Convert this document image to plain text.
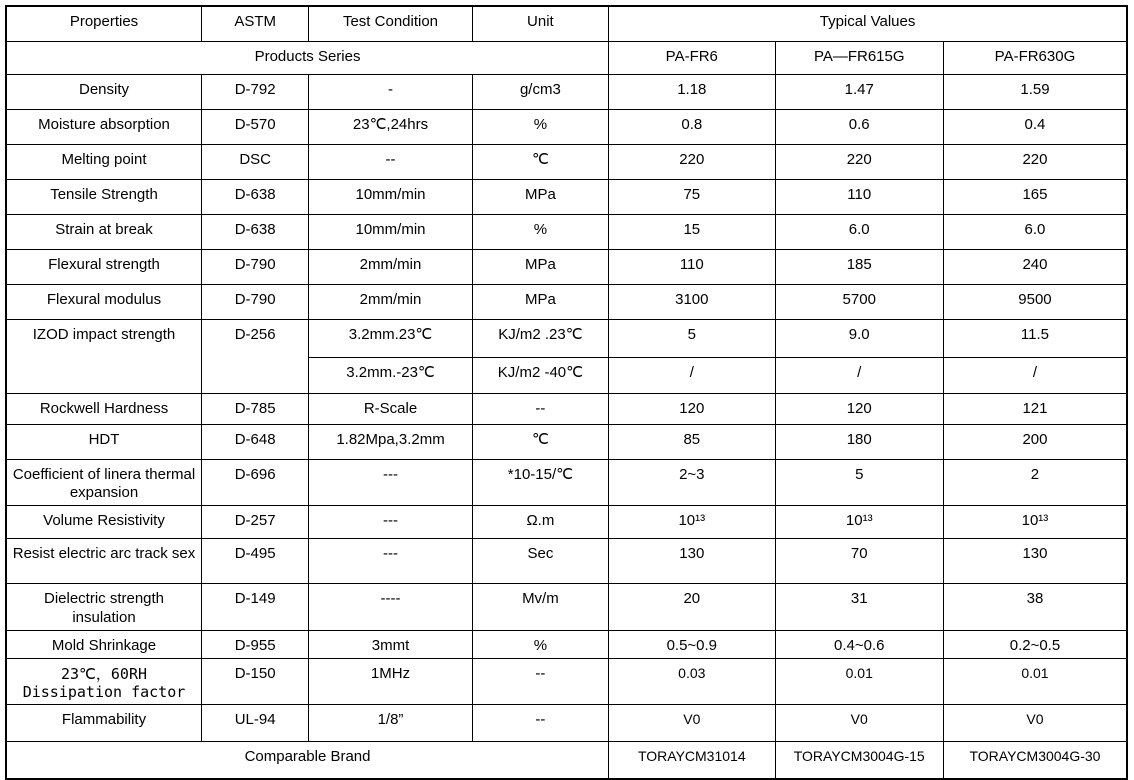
Properties	ASTM	Test Condition	Unit	Typical Values		
Products Series				PA-FR6	PA—FR615G	PA-FR630G
Density	D-792	-	g/cm3	1.18	1.47	1.59
Moisture absorption	D-570	23℃,24hrs	%	0.8	0.6	0.4
Melting point	DSC	--	℃	220	220	220
Tensile Strength	D-638	10mm/min	MPa	75	110	165
Strain at break	D-638	10mm/min	%	15	6.0	6.0
Flexural strength	D-790	2mm/min	MPa	110	185	240
Flexural modulus	D-790	2mm/min	MPa	3100	5700	9500
IZOD impact strength	D-256	3.2mm.23℃	KJ/m2 .23℃	5	9.0	11.5
		3.2mm.-23℃	KJ/m2 -40℃	/	/	/
Rockwell Hardness	D-785	R-Scale	--	120	120	121
HDT	D-648	1.82Mpa,3.2mm	℃	85	180	200
Coefficient of linera thermal expansion	D-696	---	*10-15/℃	2~3	5	2
Volume Resistivity	D-257	---	Ω.m	10¹³	10¹³	10¹³
Resist electric arc track sex	D-495	---	Sec	130	70	130
Dielectric strength insulation	D-149	----	Mv/m	20	31	38
Mold Shrinkage	D-955	3mmt	%	0.5~0.9	0.4~0.6	0.2~0.5
23℃，60RH Dissipation factor	D-150	1MHz	--	0.03	0.01	0.01
Flammability	UL-94	1/8”	--	V0	V0	V0
Comparable Brand				TORAYCM31014	TORAYCM3004G-15	TORAYCM3004G-30
